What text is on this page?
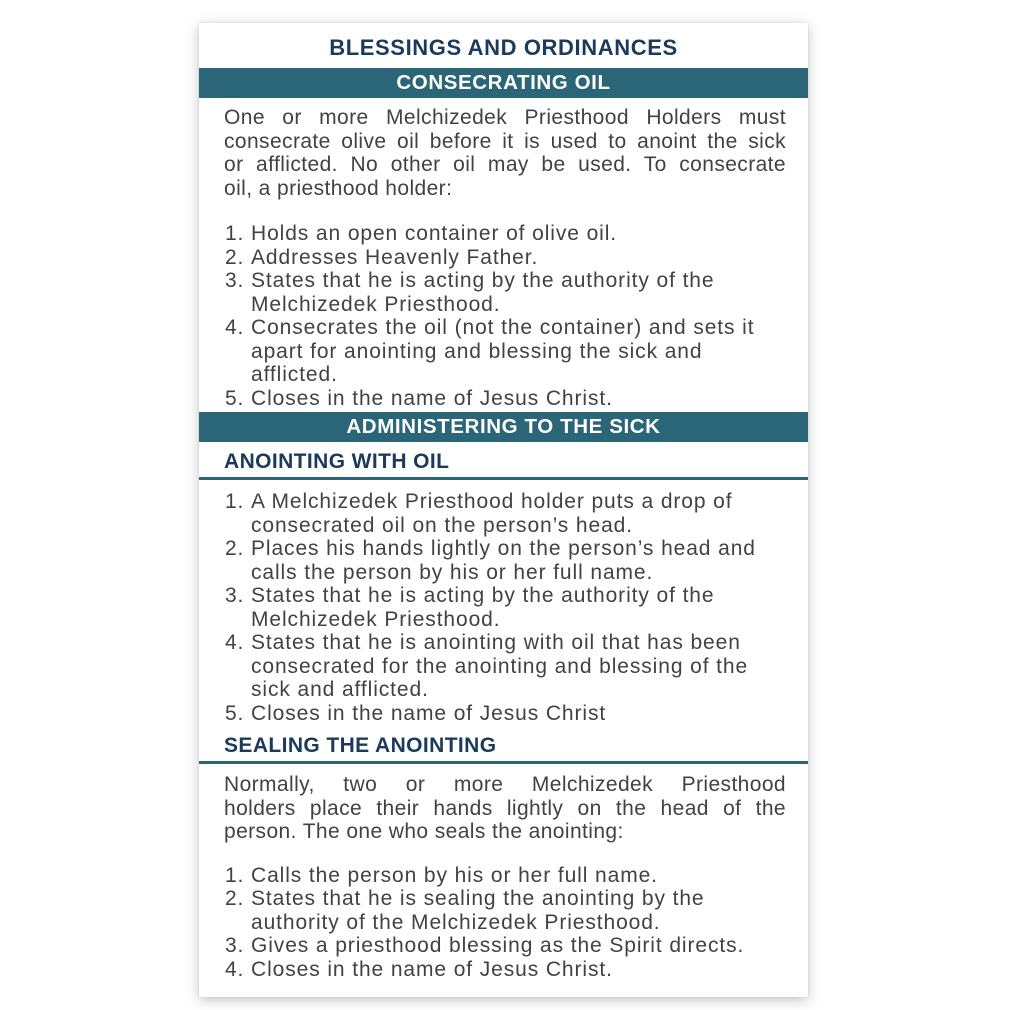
BLESSINGS AND ORDINANCES
CONSECRATING OIL
One or more Melchizedek Priesthood Holders must
consecrate olive oil before it is used to anoint the sick
or afflicted. No other oil may be used. To consecrate
oil, a priesthood holder:
1. Holds an open container of olive oil.
2. Addresses Heavenly Father.
3. States that he is acting by the authority of the Melchizedek Priesthood.
4. Consecrates the oil (not the container) and sets it apart for anointing and blessing the sick and afflicted.
5. Closes in the name of Jesus Christ.
ADMINISTERING TO THE SICK
ANOINTING WITH OIL
1. A Melchizedek Priesthood holder puts a drop of consecrated oil on the person’s head.
2. Places his hands lightly on the person’s head and calls the person by his or her full name.
3. States that he is acting by the authority of the Melchizedek Priesthood.
4. States that he is anointing with oil that has been consecrated for the anointing and blessing of the sick and afflicted.
5. Closes in the name of Jesus Christ
SEALING THE ANOINTING
Normally, two or more Melchizedek Priesthood
holders place their hands lightly on the head of the
person. The one who seals the anointing:
1. Calls the person by his or her full name.
2. States that he is sealing the anointing by the authority of the Melchizedek Priesthood.
3. Gives a priesthood blessing as the Spirit directs.
4. Closes in the name of Jesus Christ.
